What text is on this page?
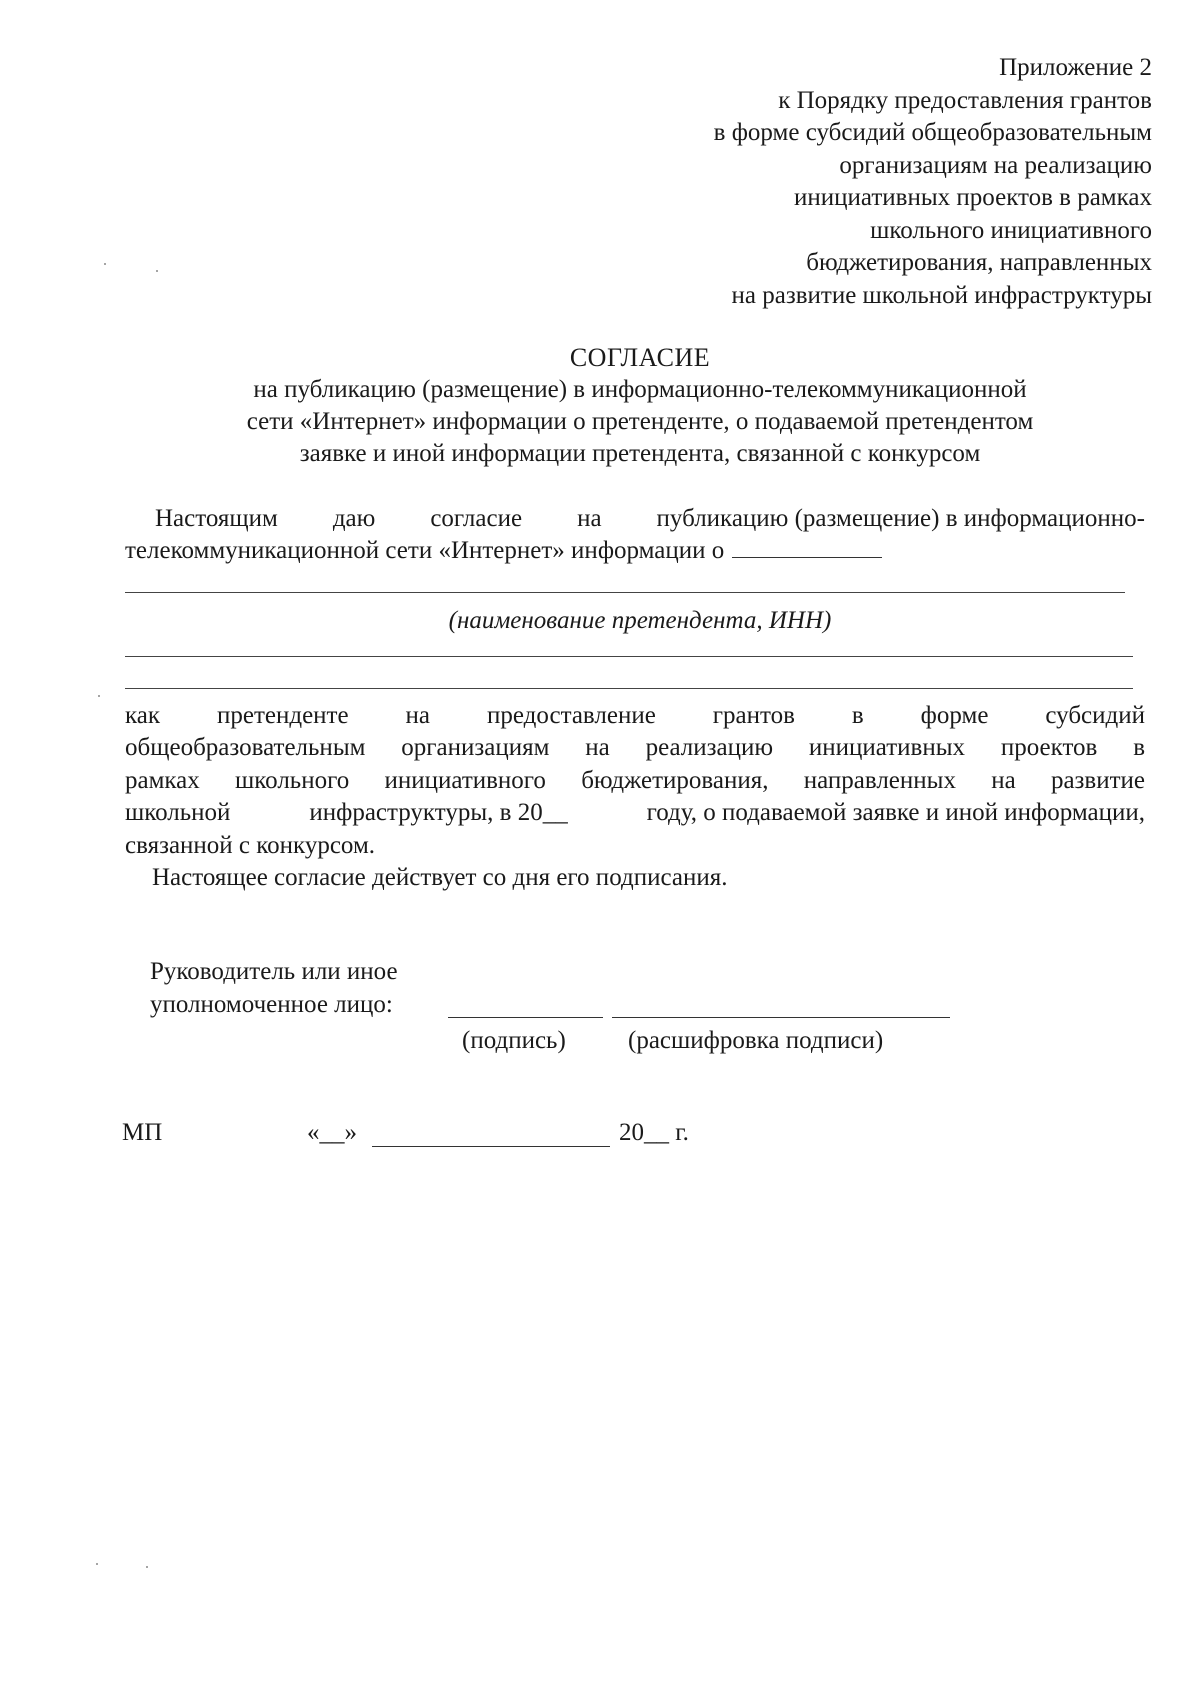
Приложение 2
к Порядку предоставления грантов
в форме субсидий общеобразовательным
организациям на реализацию
инициативных проектов в рамках
школьного инициативного
бюджетирования, направленных
на развитие школьной инфраструктуры
СОГЛАСИЕ
на публикацию (размещение) в информационно-телекоммуникационной
сети «Интернет» информации о претенденте, о подаваемой претендентом
заявке и иной информации претендента, связанной с конкурсом
Настоящим даю согласие на публикацию (размещение) в информационно-
телекоммуникационной сети «Интернет» информации о
(наименование претендента, ИНН)
как претенденте на предоставление грантов в форме субсидий
общеобразовательным организациям на реализацию инициативных проектов в
рамках школьного инициативного бюджетирования, направленных на развитие
школьной	инфраструктуры, в 20__	году, о подаваемой заявке и иной информации,
связанной с конкурсом.
Настоящее согласие действует со дня его подписания.
Руководитель или иное
уполномоченное лицо:
(подпись) (расшифровка подписи)
МП	«__»	20__ г.
